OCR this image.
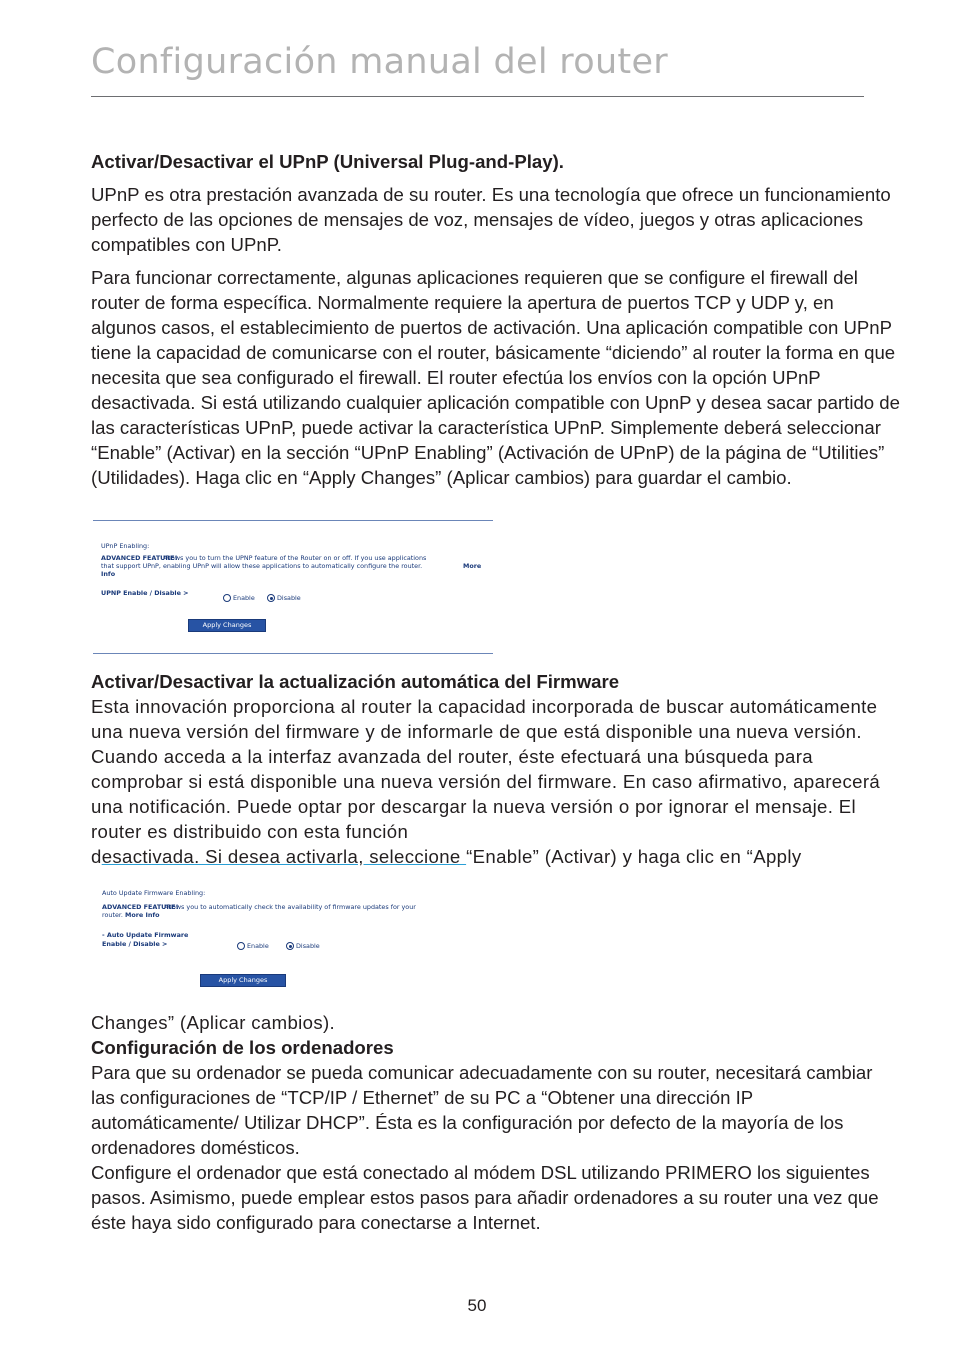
Configuración manual del router

Activar/Desactivar el UPnP (Universal Plug-and-Play).

UPnP es otra prestación avanzada de su router. Es una tecnología que ofrece un funcionamiento perfecto de las opciones de mensajes de voz, mensajes de vídeo, juegos y otras aplicaciones compatibles con UPnP.

Para funcionar correctamente, algunas aplicaciones requieren que se configure el firewall del router de forma específica. Normalmente requiere la apertura de puertos TCP y UDP y, en algunos casos, el establecimiento de puertos de activación. Una aplicación compatible con UPnP tiene la capacidad de comunicarse con el router, básicamente “diciendo” al router la forma en que necesita que sea configurado el firewall. El router efectúa los envíos con la opción UPnP desactivada. Si está utilizando cualquier aplicación compatible con UpnP y desea sacar partido de las características UPnP, puede activar la característica UPnP. Simplemente deberá seleccionar “Enable” (Activar) en la sección “UPnP Enabling” (Activación de UPnP) de la página de “Utilities” (Utilidades). Haga clic en “Apply Changes” (Aplicar cambios) para guardar el cambio.

UPnP Enabling:
ADVANCED FEATURE!
Allows you to turn the UPNP feature of the Router on or off. If you use applications
that support UPnP, enabling UPnP will allow these applications to automatically configure the router.	More
Info
UPNP Enable / Disable >
Enable	Disable
Apply Changes

Activar/Desactivar la actualización automática del Firmware

Esta innovación proporciona al router la capacidad incorporada de buscar automáticamente una nueva versión del firmware y de informarle de que está disponible una nueva versión. Cuando acceda a la interfaz avanzada del router, éste efectuará una búsqueda para comprobar si está disponible una nueva versión del firmware. En caso afirmativo, aparecerá una notificación. Puede optar por descargar la nueva versión o por ignorar el mensaje. El router es distribuido con esta función

desactivada. Si desea activarla, seleccione “Enable” (Activar) y haga clic en “Apply

Auto Update Firmware Enabling:
ADVANCED FEATURE!
Allows you to automatically check the availability of firmware updates for your
router. More Info
- Auto Update Firmware
Enable / Disable >	Enable	Disable
Apply Changes

Changes” (Aplicar cambios).

Configuración de los ordenadores

Para que su ordenador se pueda comunicar adecuadamente con su router, necesitará cambiar las configuraciones de “TCP/IP / Ethernet” de su PC a “Obtener una dirección IP automáticamente/ Utilizar DHCP”. Ésta es la configuración por defecto de la mayoría de los ordenadores domésticos.

Configure el ordenador que está conectado al módem DSL utilizando PRIMERO los siguientes pasos. Asimismo, puede emplear estos pasos para añadir ordenadores a su router una vez que éste haya sido configurado para conectarse a Internet.

50
